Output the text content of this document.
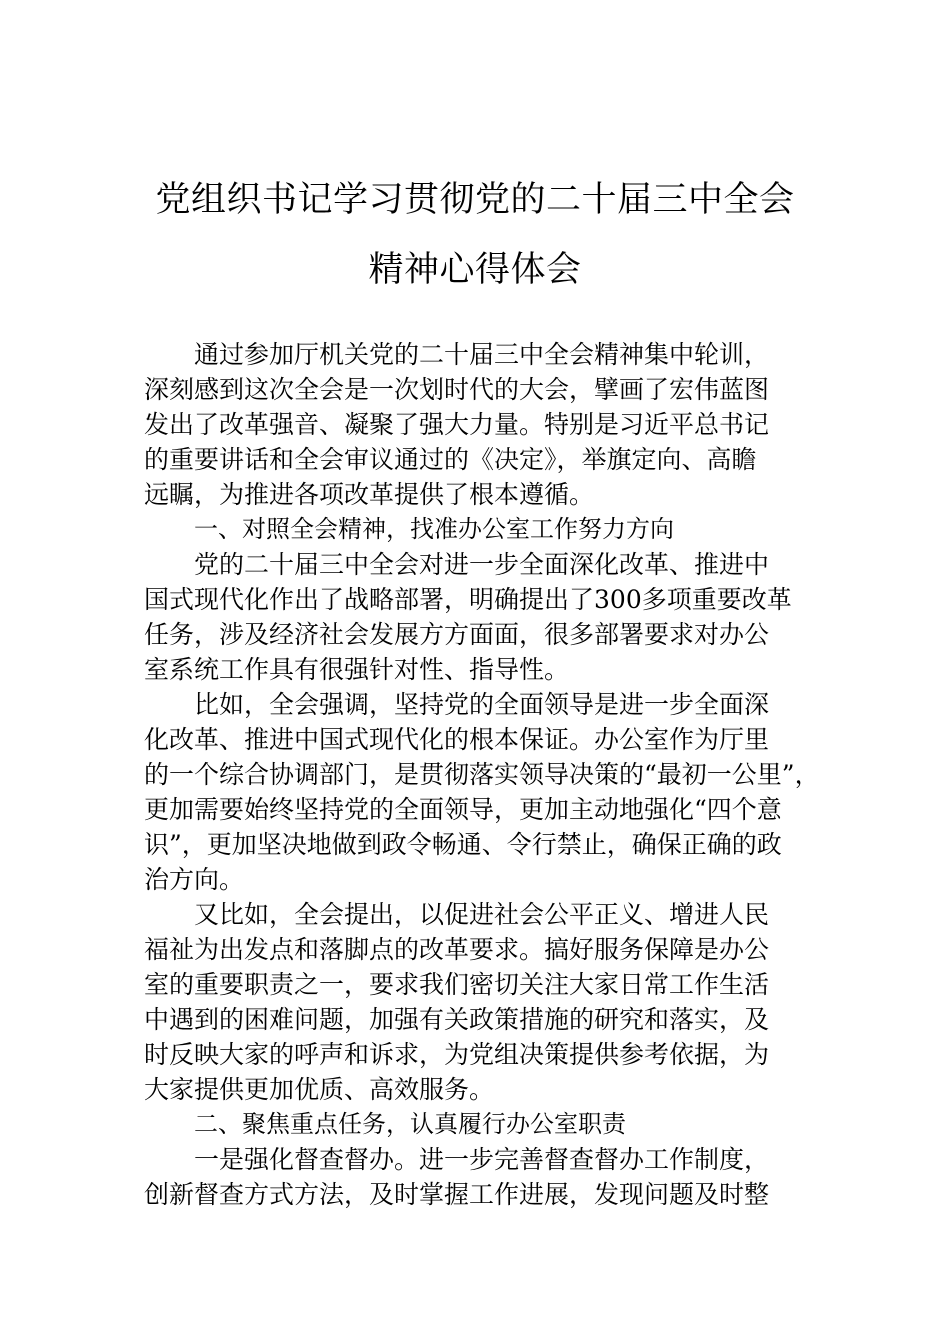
党组织书记学习贯彻党的二十届三中全会
精神心得体会
通过参加厅机关党的二十届三中全会精神集中轮训，
深刻感到这次全会是一次划时代的大会，擘画了宏伟蓝图
发出了改革强音、凝聚了强大力量。特别是习近平总书记
的重要讲话和全会审议通过的《决定》，举旗定向、高瞻
远瞩，为推进各项改革提供了根本遵循。
一、对照全会精神，找准办公室工作努力方向
党的二十届三中全会对进一步全面深化改革、推进中
国式现代化作出了战略部署，明确提出了300多项重要改革
任务，涉及经济社会发展方方面面，很多部署要求对办公
室系统工作具有很强针对性、指导性。
比如，全会强调，坚持党的全面领导是进一步全面深
化改革、推进中国式现代化的根本保证。办公室作为厅里
的一个综合协调部门，是贯彻落实领导决策的“最初一公里”，
更加需要始终坚持党的全面领导，更加主动地强化“四个意
识”，更加坚决地做到政令畅通、令行禁止，确保正确的政
治方向。
又比如，全会提出，以促进社会公平正义、增进人民
福祉为出发点和落脚点的改革要求。搞好服务保障是办公
室的重要职责之一，要求我们密切关注大家日常工作生活
中遇到的困难问题，加强有关政策措施的研究和落实，及
时反映大家的呼声和诉求，为党组决策提供参考依据，为
大家提供更加优质、高效服务。
二、聚焦重点任务，认真履行办公室职责
一是强化督查督办。进一步完善督查督办工作制度，
创新督查方式方法，及时掌握工作进展，发现问题及时整
